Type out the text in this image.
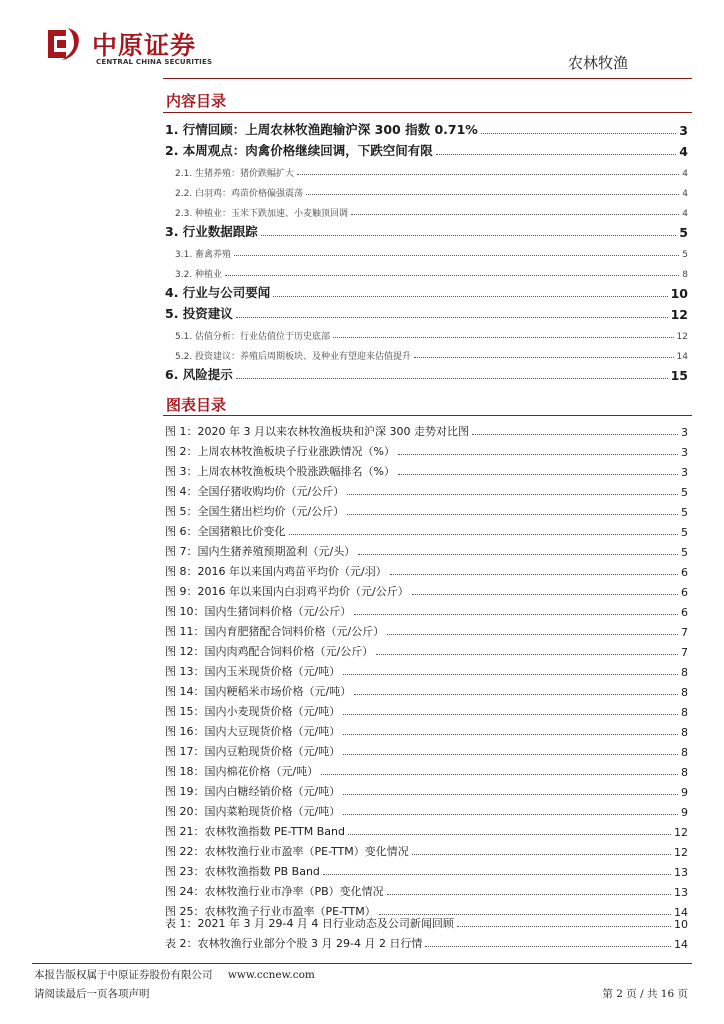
中原证券
CENTRAL CHINA SECURITIES	农林牧渔
内容目录
1. 行情回顾：上周农林牧渔跑输沪深 300 指数 0.71%	3
2. 本周观点：肉禽价格继续回调，下跌空间有限	4
2.1. 生猪养殖：猪价跌幅扩大	4
2.2. 白羽鸡：鸡苗价格偏强震荡	4
2.3. 种植业：玉米下跌加速、小麦触顶回调	4
3. 行业数据跟踪	5
3.1. 畜禽养殖	5
3.2. 种植业	8
4. 行业与公司要闻	10
5. 投资建议	12
5.1. 估值分析：行业估值位于历史底部	12
5.2. 投资建议：养殖后周期板块、及种业有望迎来估值提升	14
6. 风险提示	15
图表目录
图 1：2020 年 3 月以来农林牧渔板块和沪深 300 走势对比图	3
图 2：上周农林牧渔板块子行业涨跌情况（%）	3
图 3：上周农林牧渔板块个股涨跌幅排名（%）	3
图 4：全国仔猪收购均价（元/公斤）	5
图 5：全国生猪出栏均价（元/公斤）	5
图 6：全国猪粮比价变化	5
图 7：国内生猪养殖预期盈利（元/头）	5
图 8：2016 年以来国内鸡苗平均价（元/羽）	6
图 9：2016 年以来国内白羽鸡平均价（元/公斤）	6
图 10：国内生猪饲料价格（元/公斤）	6
图 11：国内育肥猪配合饲料价格（元/公斤）	7
图 12：国内肉鸡配合饲料价格（元/公斤）	7
图 13：国内玉米现货价格（元/吨）	8
图 14：国内粳稻米市场价格（元/吨）	8
图 15：国内小麦现货价格（元/吨）	8
图 16：国内大豆现货价格（元/吨）	8
图 17：国内豆粕现货价格（元/吨）	8
图 18：国内棉花价格（元/吨）	8
图 19：国内白糖经销价格（元/吨）	9
图 20：国内菜粕现货价格（元/吨）	9
图 21：农林牧渔指数 PE-TTM Band	12
图 22：农林牧渔行业市盈率（PE-TTM）变化情况	12
图 23：农林牧渔指数 PB Band	13
图 24：农林牧渔行业市净率（PB）变化情况	13
图 25：农林牧渔子行业市盈率（PE-TTM）	14
表 1：2021 年 3 月 29-4 月 4 日行业动态及公司新闻回顾	10
表 2：农林牧渔行业部分个股 3 月 29-4 月 2 日行情	14
本报告版权属于中原证券股份有限公司 www.ccnew.com
请阅读最后一页各项声明	第 2 页 / 共 16 页
